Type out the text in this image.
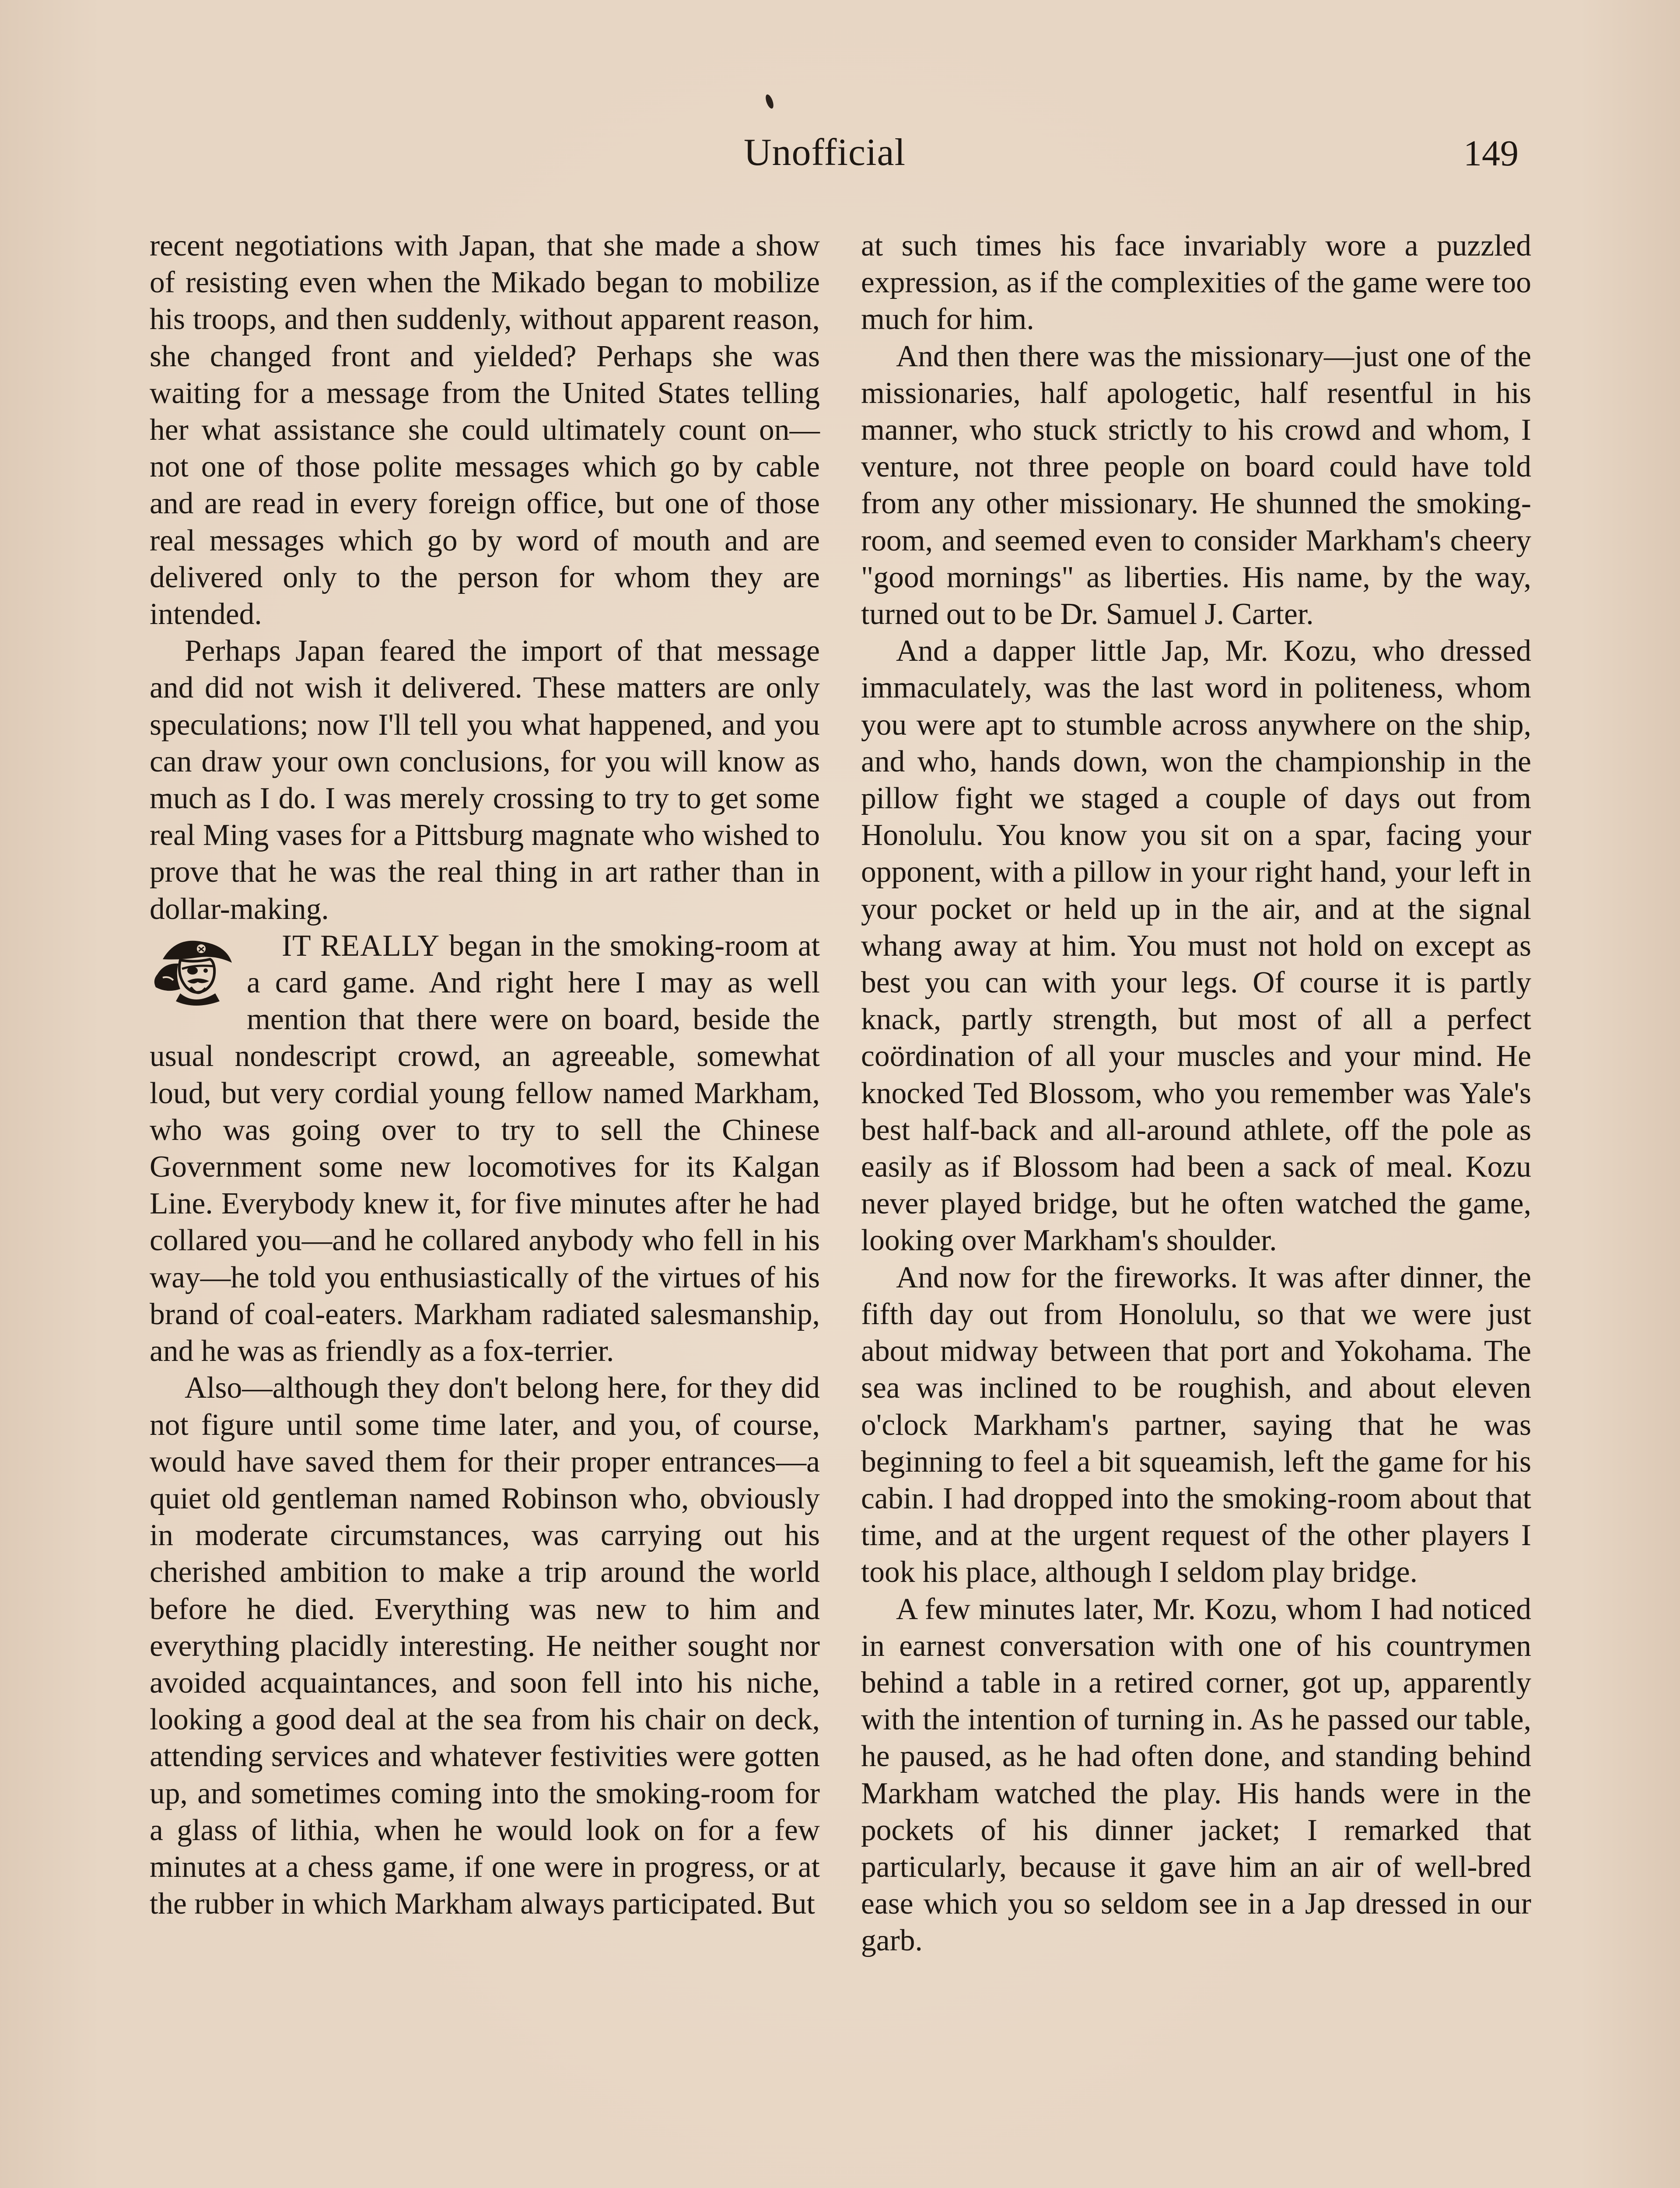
Unofficial	149

recent negotiations with Japan, that she made a show of resisting even when the Mikado began to mobilize his troops, and then suddenly, without apparent reason, she changed front and yielded? Perhaps she was waiting for a message from the United States telling her what assistance she could ultimately count on—not one of those polite messages which go by cable and are read in every foreign office, but one of those real messages which go by word of mouth and are delivered only to the person for whom they are intended.

Perhaps Japan feared the import of that message and did not wish it delivered. These matters are only speculations; now I'll tell you what happened, and you can draw your own conclusions, for you will know as much as I do. I was merely crossing to try to get some real Ming vases for a Pittsburg magnate who wished to prove that he was the real thing in art rather than in dollar-making.

IT REALLY began in the smoking-room at a card game. And right here I may as well mention that there were on board, beside the usual nondescript crowd, an agreeable, somewhat loud, but very cordial young fellow named Markham, who was going over to try to sell the Chinese Government some new locomotives for its Kalgan Line. Everybody knew it, for five minutes after he had collared you—and he collared anybody who fell in his way—he told you enthusiastically of the virtues of his brand of coal-eaters. Markham radiated salesmanship, and he was as friendly as a fox-terrier.

Also—although they don't belong here, for they did not figure until some time later, and you, of course, would have saved them for their proper entrances—a quiet old gentleman named Robinson who, obviously in moderate circumstances, was carrying out his cherished ambition to make a trip around the world before he died. Everything was new to him and everything placidly interesting. He neither sought nor avoided acquaintances, and soon fell into his niche, looking a good deal at the sea from his chair on deck, attending services and whatever festivities were gotten up, and sometimes coming into the smoking-room for a glass of lithia, when he would look on for a few minutes at a chess game, if one were in progress, or at the rubber in which Markham always participated. But

at such times his face invariably wore a puzzled expression, as if the complexities of the game were too much for him.

And then there was the missionary—just one of the missionaries, half apologetic, half resentful in his manner, who stuck strictly to his crowd and whom, I venture, not three people on board could have told from any other missionary. He shunned the smoking-room, and seemed even to consider Markham's cheery "good mornings" as liberties. His name, by the way, turned out to be Dr. Samuel J. Carter.

And a dapper little Jap, Mr. Kozu, who dressed immaculately, was the last word in politeness, whom you were apt to stumble across anywhere on the ship, and who, hands down, won the championship in the pillow fight we staged a couple of days out from Honolulu. You know you sit on a spar, facing your opponent, with a pillow in your right hand, your left in your pocket or held up in the air, and at the signal whang away at him. You must not hold on except as best you can with your legs. Of course it is partly knack, partly strength, but most of all a perfect coördination of all your muscles and your mind. He knocked Ted Blossom, who you remember was Yale's best half-back and all-around athlete, off the pole as easily as if Blossom had been a sack of meal. Kozu never played bridge, but he often watched the game, looking over Markham's shoulder.

And now for the fireworks. It was after dinner, the fifth day out from Honolulu, so that we were just about midway between that port and Yokohama. The sea was inclined to be roughish, and about eleven o'clock Markham's partner, saying that he was beginning to feel a bit squeamish, left the game for his cabin. I had dropped into the smoking-room about that time, and at the urgent request of the other players I took his place, although I seldom play bridge.

A few minutes later, Mr. Kozu, whom I had noticed in earnest conversation with one of his countrymen behind a table in a retired corner, got up, apparently with the intention of turning in. As he passed our table, he paused, as he had often done, and standing behind Markham watched the play. His hands were in the pockets of his dinner jacket; I remarked that particularly, because it gave him an air of well-bred ease which you so seldom see in a Jap dressed in our garb.
